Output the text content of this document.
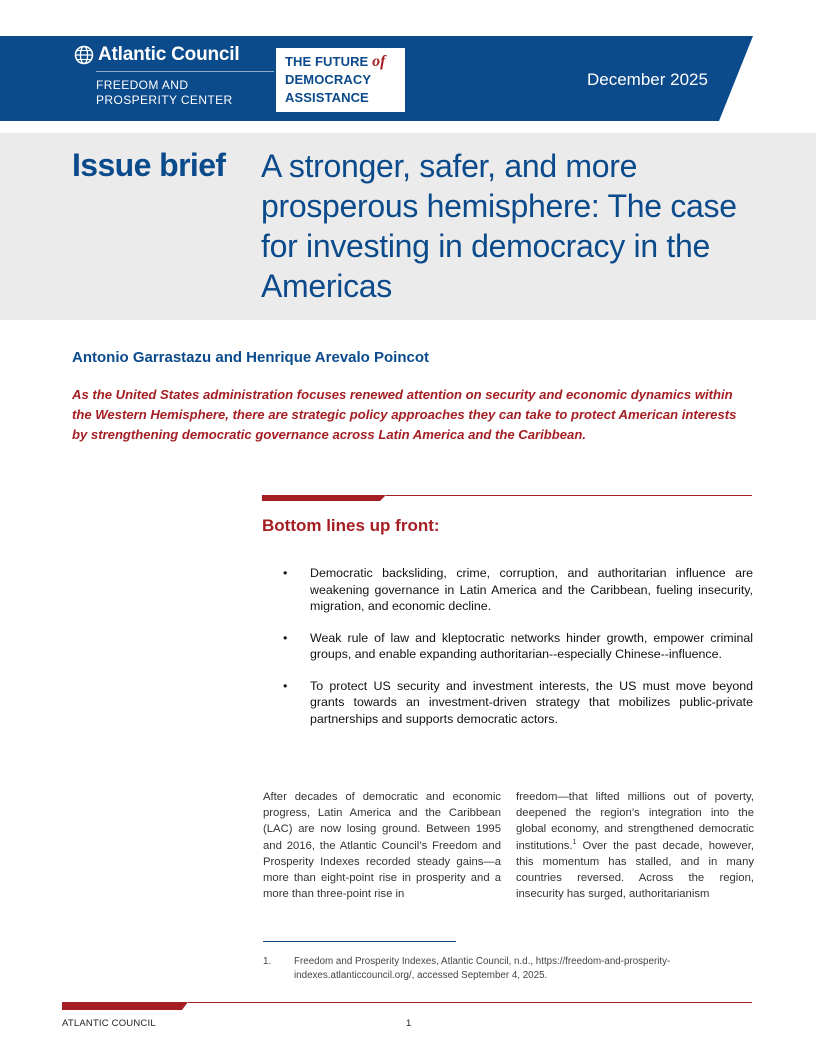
Atlantic Council
FREEDOM AND
PROSPERITY CENTER
THE FUTURE of
DEMOCRACY
ASSISTANCE
December 2025
Issue brief A stronger, safer, and more prosperous hemisphere: The case for investing in democracy in the Americas
Antonio Garrastazu and Henrique Arevalo Poincot

As the United States administration focuses renewed attention on security and economic dynamics within the Western Hemisphere, there are strategic policy approaches they can take to protect American interests by strengthening democratic governance across Latin America and the Caribbean.

Bottom lines up front:
• Democratic backsliding, crime, corruption, and authoritarian influence are weakening governance in Latin America and the Caribbean, fueling insecurity, migration, and economic decline.
• Weak rule of law and kleptocratic networks hinder growth, empower criminal groups, and enable expanding authoritarian--especially Chinese--influence.
• To protect US security and investment interests, the US must move beyond grants towards an investment-driven strategy that mobilizes public-private partnerships and supports democratic actors.

After decades of democratic and economic progress, Latin America and the Caribbean (LAC) are now losing ground. Between 1995 and 2016, the Atlantic Council’s Freedom and Prosperity Indexes recorded steady gains—a more than eight-point rise in prosperity and a more than three-point rise in

freedom—that lifted millions out of poverty, deepened the region’s integration into the global economy, and strengthened democratic institutions.$^1$ Over the past decade, however, this momentum has stalled, and in many countries reversed. Across the region, insecurity has surged, authoritarianism

1. Freedom and Prosperity Indexes, Atlantic Council, n.d., https://freedom-and-prosperity-indexes.atlanticcouncil.org/, accessed September 4, 2025.
ATLANTIC COUNCIL	1
